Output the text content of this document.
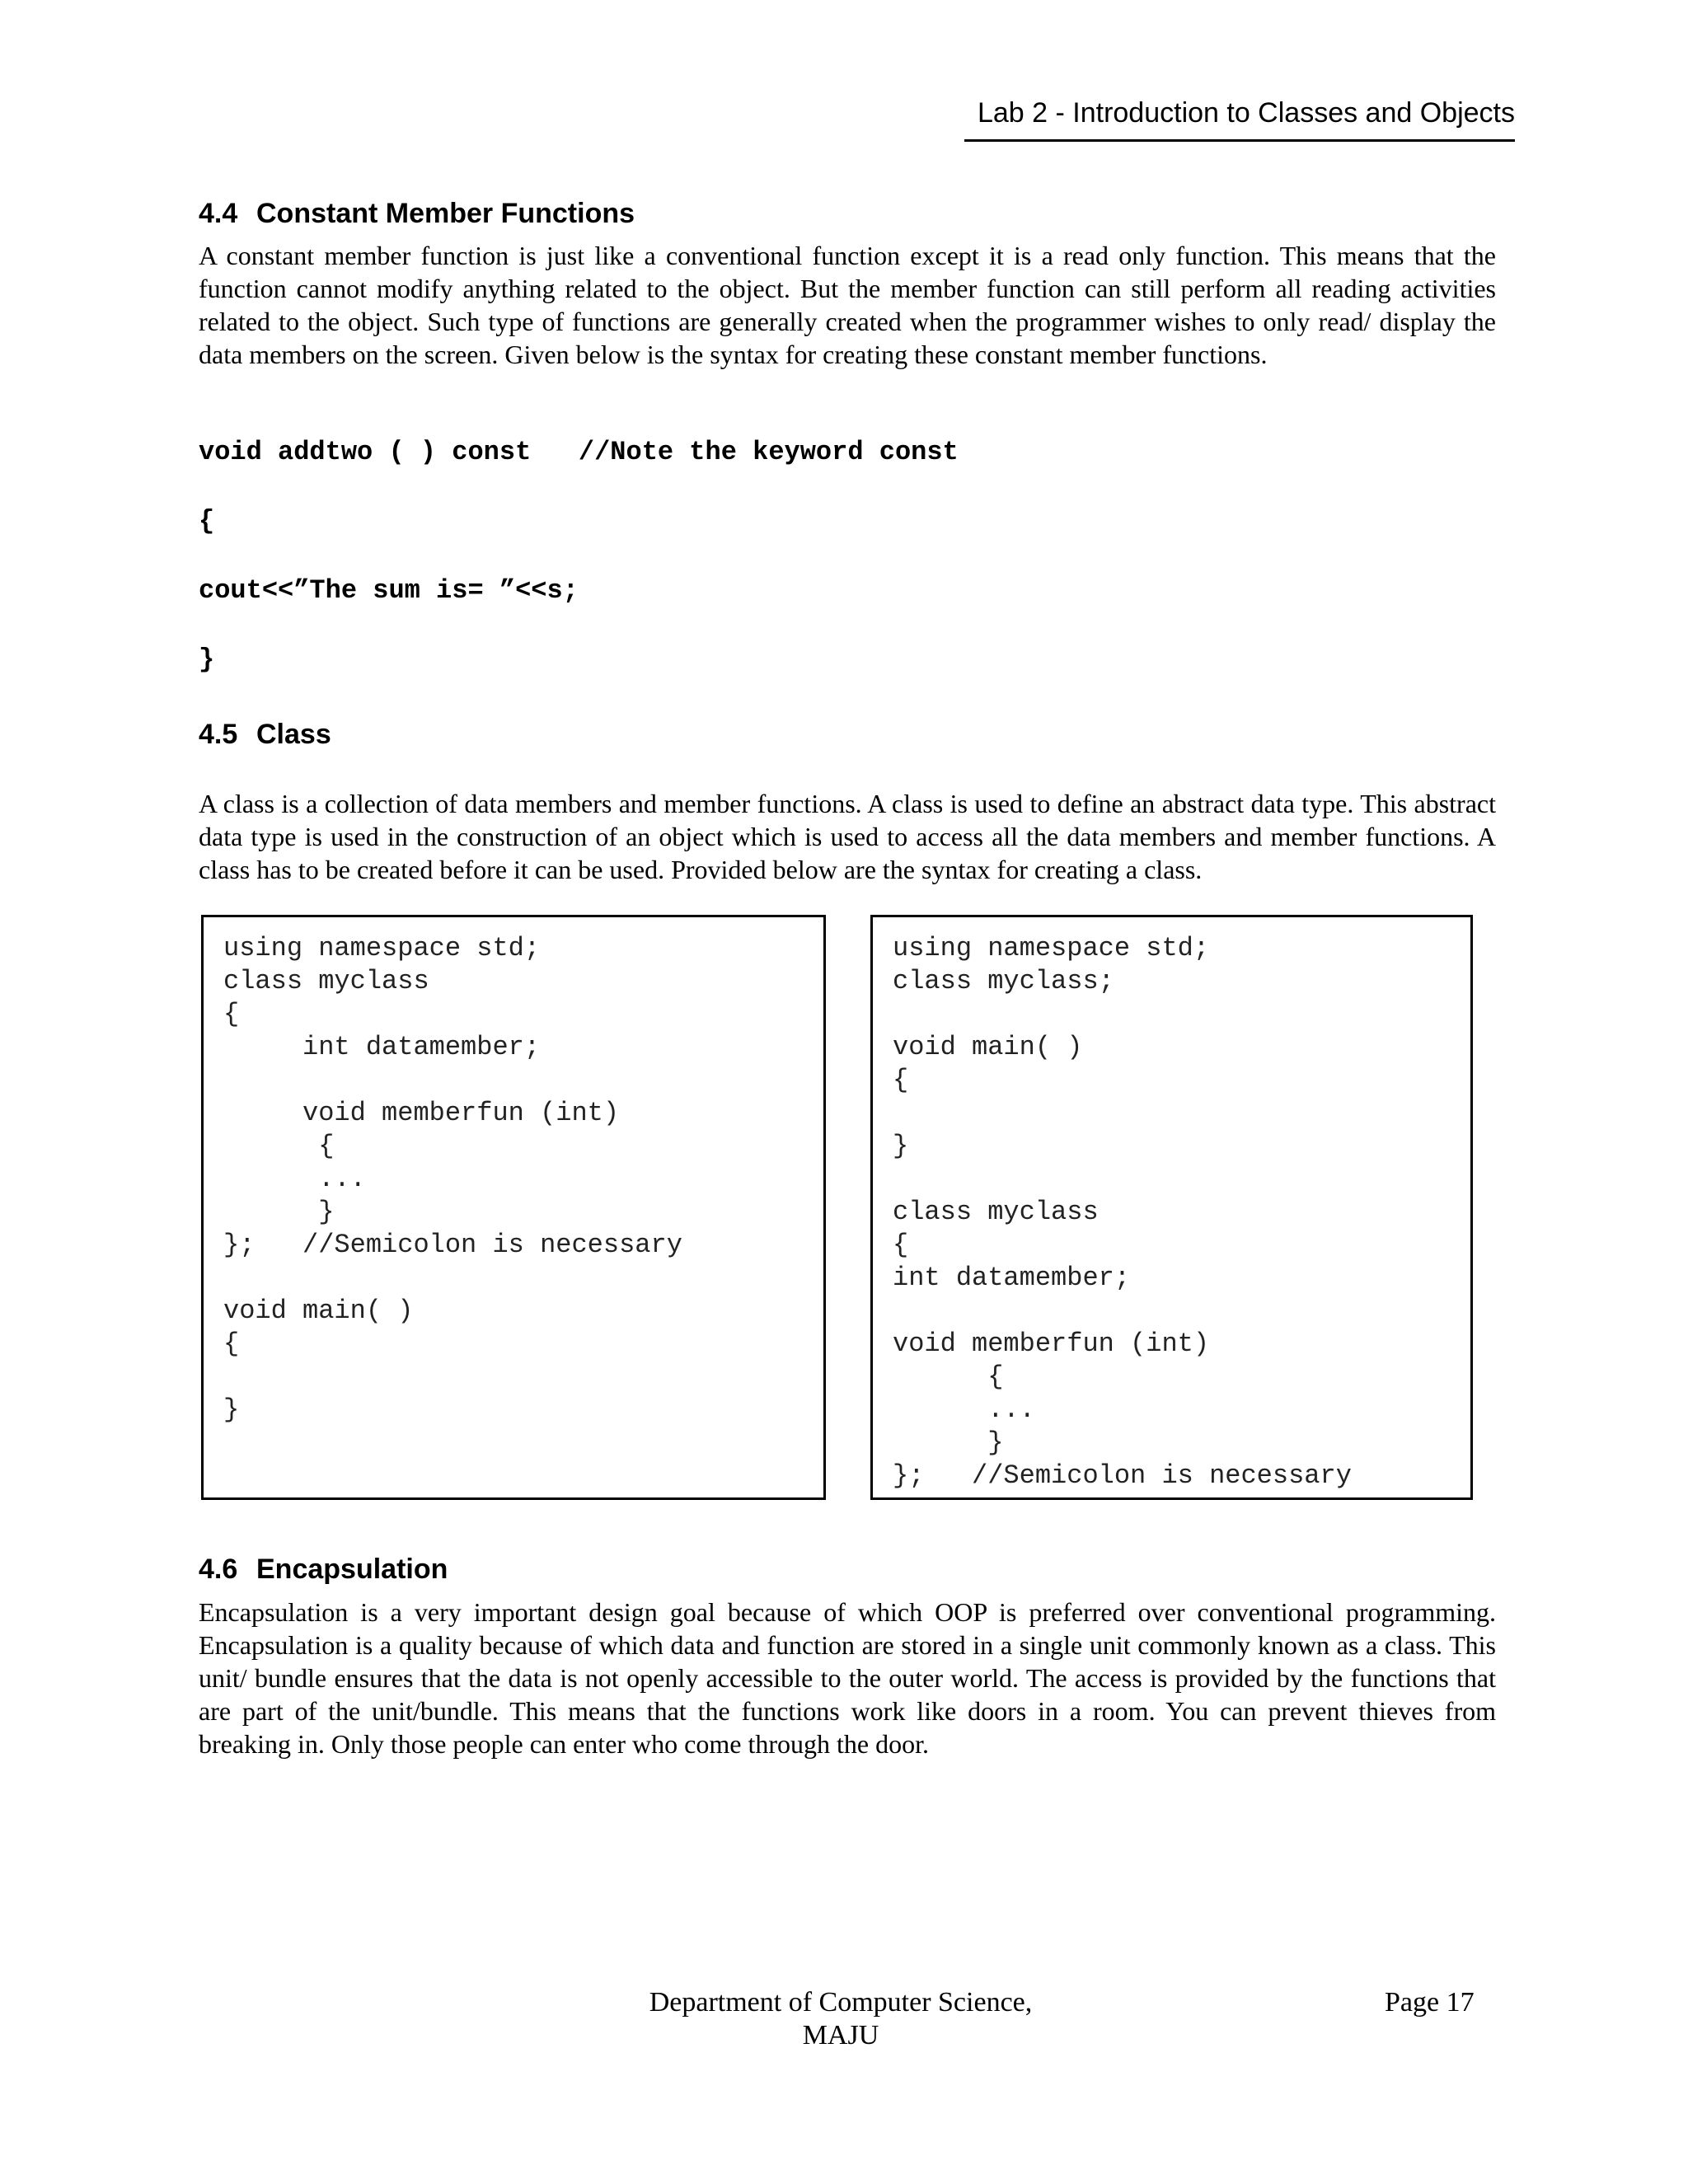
Lab 2 - Introduction to Classes and Objects
4.4 Constant Member Functions

A constant member function is just like a conventional function except it is a read only function. This means that the function cannot modify anything related to the object. But the member function can still perform all reading activities related to the object. Such type of functions are generally created when the programmer wishes to only read/ display the data members on the screen. Given below is the syntax for creating these constant member functions.

void addtwo ( ) const   //Note the keyword const
{
cout<<”The sum is= ”<<s;
}
4.5 Class

A class is a collection of data members and member functions. A class is used to define an abstract data type. This abstract data type is used in the construction of an object which is used to access all the data members and member functions. A class has to be created before it can be used. Provided below are the syntax for creating a class.

using namespace std;
class myclass
{
int datamember;

void memberfun (int)
{
...
}
};   //Semicolon is necessary

void main( )
{

}
using namespace std;
class myclass;

void main( )
{

}

class myclass
{
int datamember;

void memberfun (int)
{
...
}
};   //Semicolon is necessary
4.6 Encapsulation

Encapsulation is a very important design goal because of which OOP is preferred over conventional programming. Encapsulation is a quality because of which data and function are stored in a single unit commonly known as a class. This unit/ bundle ensures that the data is not openly accessible to the outer world. The access is provided by the functions that are part of the unit/bundle. This means that the functions work like doors in a room. You can prevent thieves from breaking in. Only those people can enter who come through the door.

Department of Computer Science,
MAJU
Page 17
